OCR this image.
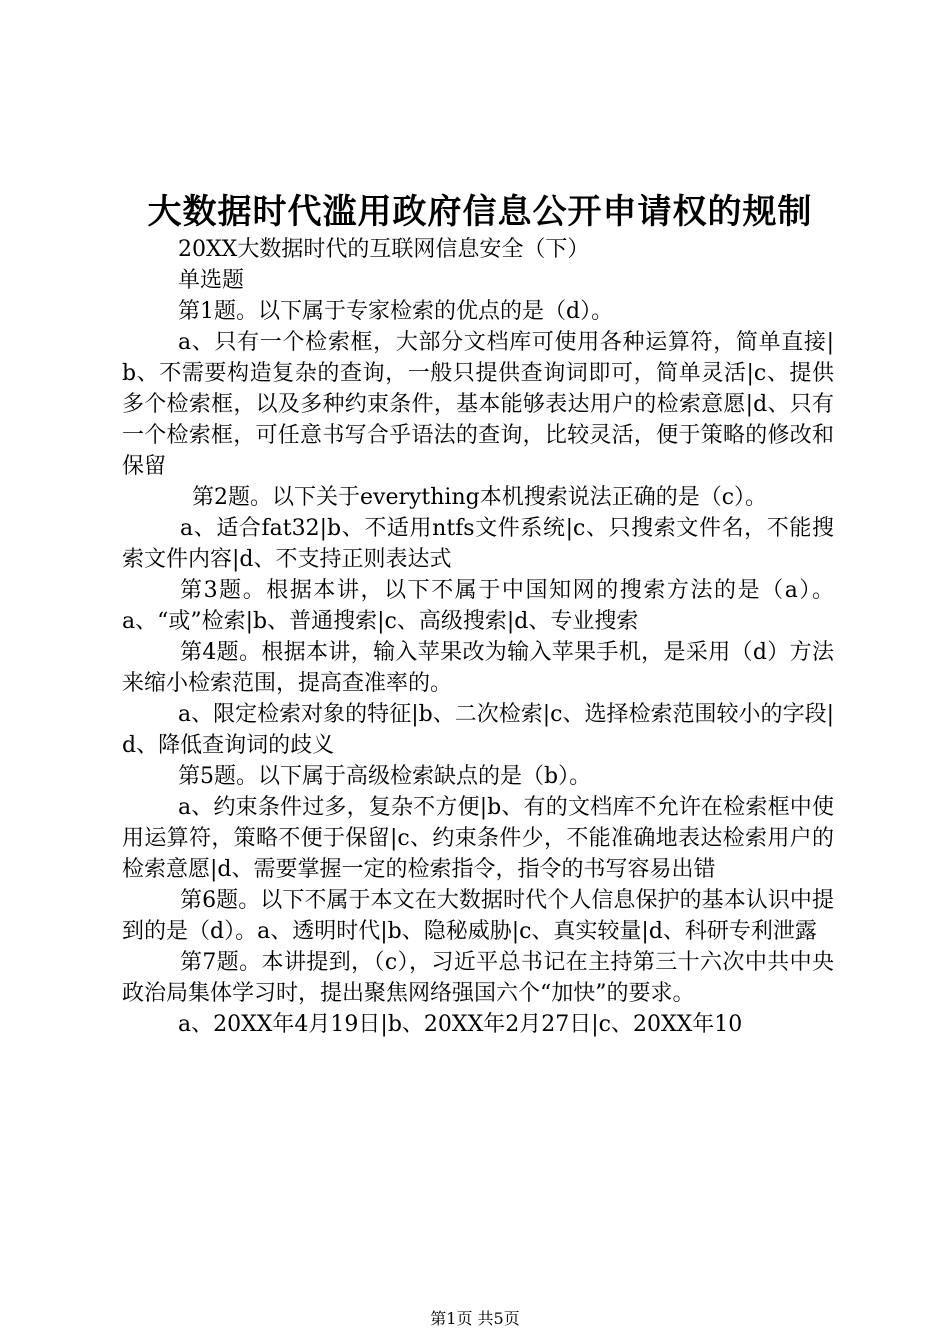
大数据时代滥用政府信息公开申请权的规制

20XX大数据时代的互联网信息安全（下）

单选题

第1题。以下属于专家检索的优点的是（d）。

a、只有一个检索框，大部分文档库可使用各种运算符，简单直接|b、不需要构造复杂的查询，一般只提供查询词即可，简单灵活|c、提供多个检索框，以及多种约束条件，基本能够表达用户的检索意愿|d、只有一个检索框，可任意书写合乎语法的查询，比较灵活，便于策略的修改和保留

第2题。以下关于everything本机搜索说法正确的是（c）。

a、适合fat32|b、不适用ntfs文件系统|c、只搜索文件名，不能搜索文件内容|d、不支持正则表达式

第3题。根据本讲，以下不属于中国知网的搜索方法的是（a）。a、“或”检索|b、普通搜索|c、高级搜索|d、专业搜索

第4题。根据本讲，输入苹果改为输入苹果手机，是采用（d）方法来缩小检索范围，提高查准率的。

a、限定检索对象的特征|b、二次检索|c、选择检索范围较小的字段|d、降低查询词的歧义

第5题。以下属于高级检索缺点的是（b）。

a、约束条件过多，复杂不方便|b、有的文档库不允许在检索框中使用运算符，策略不便于保留|c、约束条件少，不能准确地表达检索用户的检索意愿|d、需要掌握一定的检索指令，指令的书写容易出错

第6题。以下不属于本文在大数据时代个人信息保护的基本认识中提到的是（d）。a、透明时代|b、隐秘威胁|c、真实较量|d、科研专利泄露

第7题。本讲提到，（c），习近平总书记在主持第三十六次中共中央政治局集体学习时，提出聚焦网络强国六个“加快”的要求。

a、20XX年4月19日|b、20XX年2月27日|c、20XX年10

第1页 共5页
